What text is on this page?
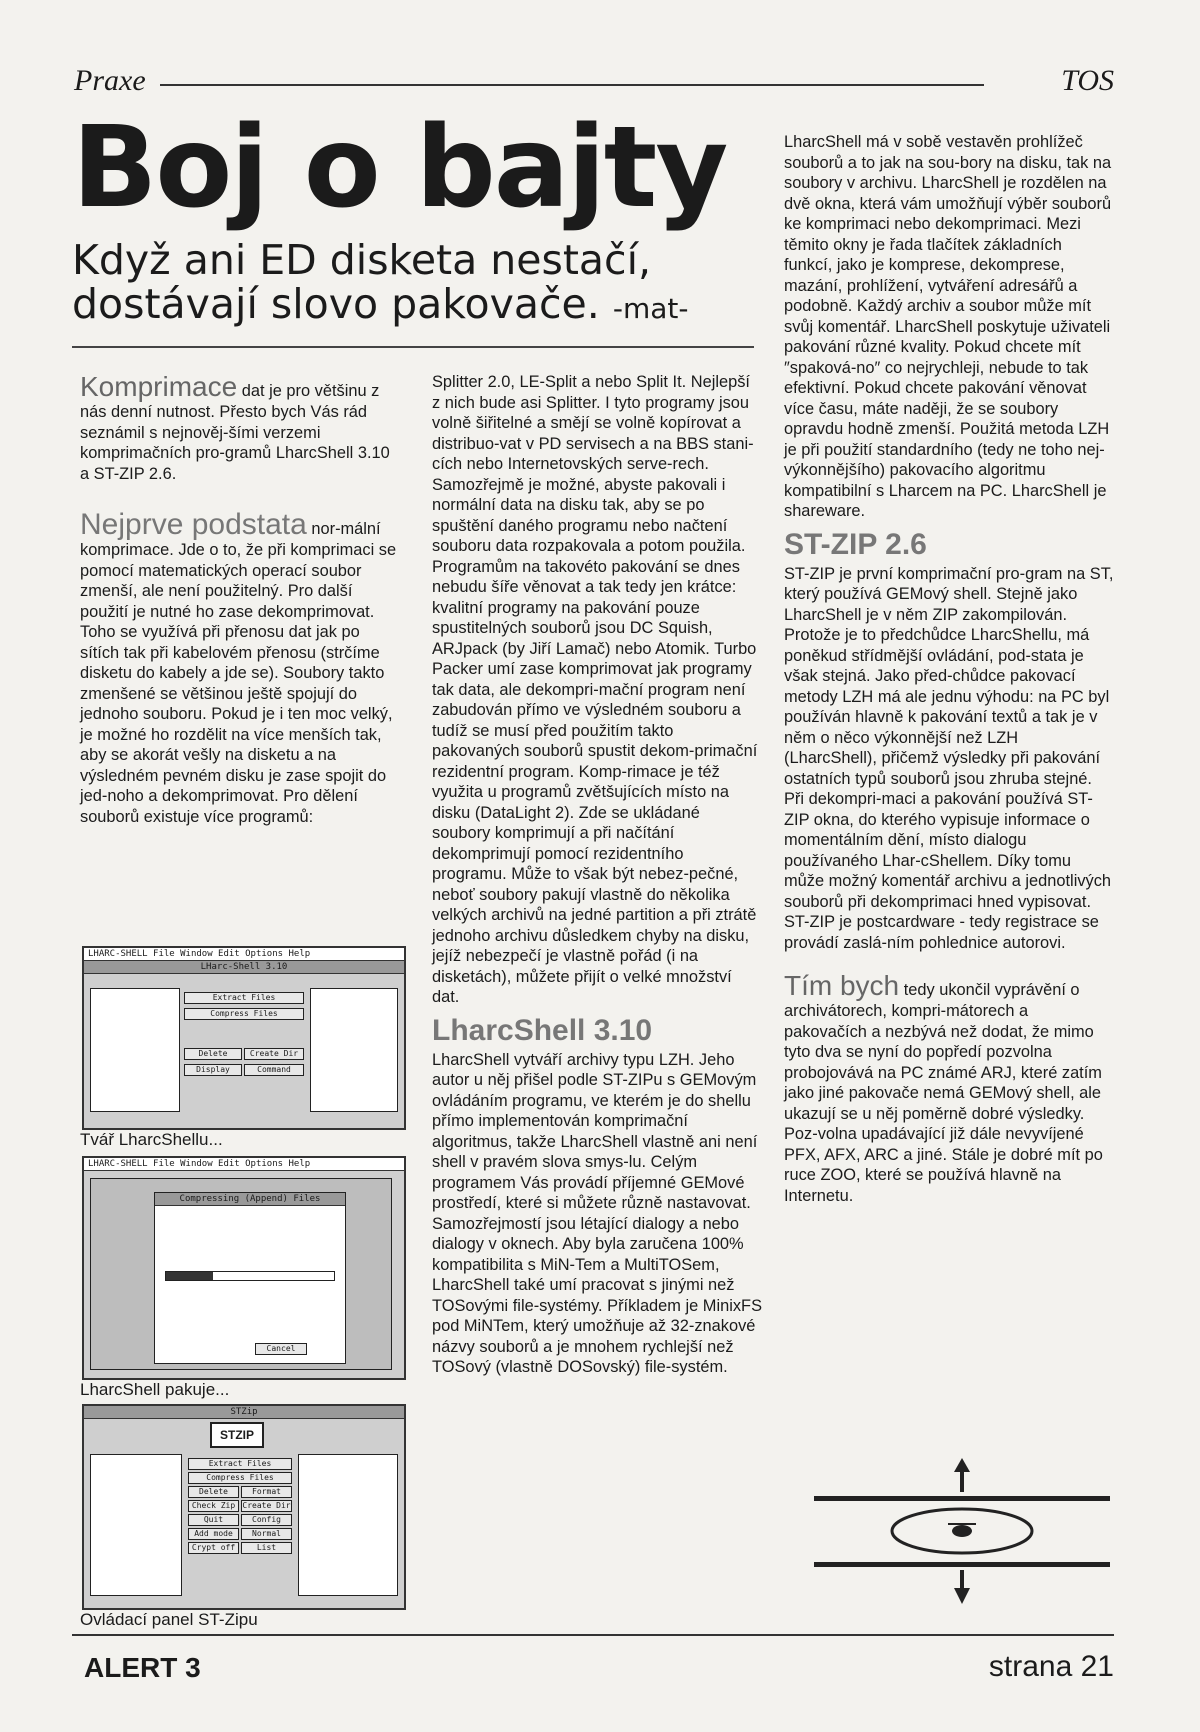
Praxe	TOS
Boj o bajty
Když ani ED disketa nestačí, dostávají slovo pakovače. -mat-

Komprimace dat je pro většinu z nás denní nutnost. Přesto bych Vás rád seznámil s nejnověj-šími verzemi komprimačních pro-gramů LharcShell 3.10 a ST-ZIP 2.6.

Nejprve podstata nor-mální komprimace. Jde o to, že při komprimaci se pomocí matematických operací soubor zmenší, ale není použitelný. Pro další použití je nutné ho zase dekomprimovat. Toho se využívá při přenosu dat jak po sítích tak při kabelovém přenosu (strčíme disketu do kabely a jde se). Soubory takto zmenšené se většinou ještě spojují do jednoho souboru. Pokud je i ten moc velký, je možné ho rozdělit na více menších tak, aby se akorát vešly na disketu a na výsledném pevném disku je zase spojit do jed-noho a dekomprimovat. Pro dělení souborů existuje více programů:

LHARC-SHELL File Window Edit Options Help
LHarc-Shell 3.10
Extract Files
Compress Files
Delete	Create Dir
Display	Command
Tvář LharcShellu...
LHARC-SHELL File Window Edit Options Help
Compressing (Append) Files
Cancel
LharcShell pakuje...
STZip
STZIP
Extract Files
Compress Files
Delete	Format
Check Zip Create Dir
Quit	Config
Add mode	Normal
Crypt off	List
Ovládací panel ST-Zipu

Splitter 2.0, LE-Split a nebo Split It. Nejlepší z nich bude asi Splitter. I tyto programy jsou volně šiřitelné a smějí se volně kopírovat a distribuo-vat v PD servisech a na BBS stani-cích nebo Internetovských serve-rech. Samozřejmě je možné, abyste pakovali i normální data na disku tak, aby se po spuštění daného programu nebo načtení souboru data rozpakovala a potom použila. Programům na takovéto pakování se dnes nebudu šíře věnovat a tak tedy jen krátce: kvalitní programy na pakování pouze spustitelných souborů jsou DC Squish, ARJpack (by Jiří Lamač) nebo Atomik. Turbo Packer umí zase komprimovat jak programy tak data, ale dekompri-mační program není zabudován přímo ve výsledném souboru a tudíž se musí před použitím takto pakovaných souborů spustit dekom-primační rezidentní program. Komp-rimace je též využita u programů zvětšujících místo na disku (DataLight 2). Zde se ukládané soubory komprimují a při načítání dekomprimují pomocí rezidentního programu. Může to však být nebez-pečné, neboť soubory pakují vlastně do několika velkých archivů na jedné partition a při ztrátě jednoho archivu důsledkem chyby na disku, jejíž nebezpečí je vlastně pořád (i na disketách), můžete přijít o velké množství dat.

LharcShell 3.10

LharcShell vytváří archivy typu LZH. Jeho autor u něj přišel podle ST-ZIPu s GEMovým ovládáním programu, ve kterém je do shellu přímo implementován komprimační algoritmus, takže LharcShell vlastně ani není shell v pravém slova smys-lu. Celým programem Vás provádí příjemné GEMové prostředí, které si můžete různě nastavovat. Samozřejmostí jsou létající dialogy a nebo dialogy v oknech. Aby byla zaručena 100% kompatibilita s MiN-Tem a MultiTOSem, LharcShell také umí pracovat s jinými než TOSovými file-systémy. Příkladem je MinixFS pod MiNTem, který umožňuje až 32-znakové názvy souborů a je mnohem rychlejší než TOSový (vlastně DOSovský) file-systém.

LharcShell má v sobě vestavěn prohlížeč souborů a to jak na sou-bory na disku, tak na soubory v archivu. LharcShell je rozdělen na dvě okna, která vám umožňují výběr souborů ke komprimaci nebo dekomprimaci. Mezi těmito okny je řada tlačítek základních funkcí, jako je komprese, dekomprese, mazání, prohlížení, vytváření adresářů a podobně. Každý archiv a soubor může mít svůj komentář. LharcShell poskytuje uživateli pakování různé kvality. Pokud chcete mít ″spaková-no″ co nejrychleji, nebude to tak efektivní. Pokud chcete pakování věnovat více času, máte naději, že se soubory opravdu hodně zmenší. Použitá metoda LZH je při použití standardního (tedy ne toho nej-výkonnějšího) pakovacího algoritmu kompatibilní s Lharcem na PC. LharcShell je shareware.

ST-ZIP 2.6

ST-ZIP je první komprimační pro-gram na ST, který používá GEMový shell. Stejně jako LharcShell je v něm ZIP zakompilován. Protože je to předchůdce LharcShellu, má poněkud střídmější ovládání, pod-stata je však stejná. Jako před-chůdce pakovací metody LZH má ale jednu výhodu: na PC byl používán hlavně k pakování textů a tak je v něm o něco výkonnější než LZH (LharcShell), přičemž výsledky při pakování ostatních typů souborů jsou zhruba stejné. Při dekompri-maci a pakování používá ST-ZIP okna, do kterého vypisuje informace o momentálním dění, místo dialogu používaného Lhar-cShellem. Díky tomu může možný komentář archivu a jednotlivých souborů při dekomprimaci hned vypisovat. ST-ZIP je postcardware - tedy registrace se provádí zaslá-ním pohlednice autorovi.

Tím bych tedy ukončil vyprávění o archivátorech, kompri-mátorech a pakovačích a nezbývá než dodat, že mimo tyto dva se nyní do popředí pozvolna probojovává na PC známé ARJ, které zatím jako jiné pakovače nemá GEMový shell, ale ukazují se u něj poměrně dobré výsledky. Poz-volna upadávající již dále nevyvíjené PFX, AFX, ARC a jiné. Stále je dobré mít po ruce ZOO, které se používá hlavně na Internetu.

ALERT 3	strana 21
